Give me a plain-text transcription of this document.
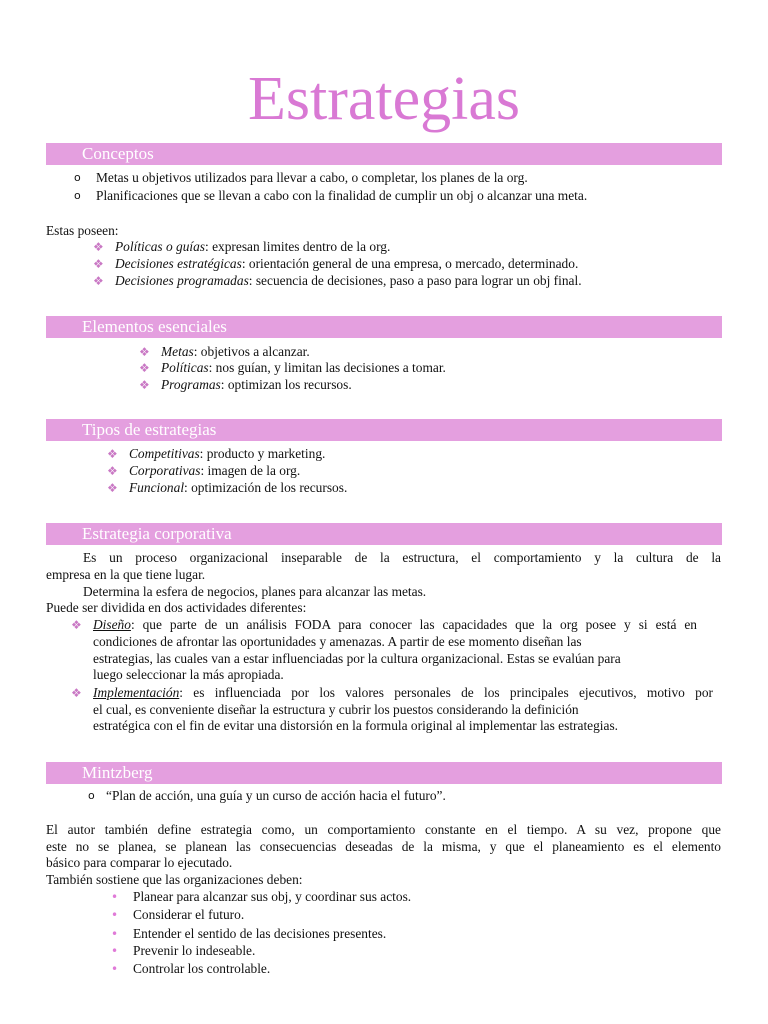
Estrategias
Conceptos
o Metas u objetivos utilizados para llevar a cabo, o completar, los planes de la org.
o Planificaciones que se llevan a cabo con la finalidad de cumplir un obj o alcanzar una meta.
Estas poseen:
❖ Políticas o guías: expresan limites dentro de la org.
❖ Decisiones estratégicas: orientación general de una empresa, o mercado, determinado.
❖ Decisiones programadas: secuencia de decisiones, paso a paso para lograr un obj final.
Elementos esenciales
❖ Metas: objetivos a alcanzar.
❖ Políticas: nos guían, y limitan las decisiones a tomar.
❖ Programas: optimizan los recursos.
Tipos de estrategias
❖ Competitivas: producto y marketing.
❖ Corporativas: imagen de la org.
❖ Funcional: optimización de los recursos.
Estrategia corporativa
Es un proceso organizacional inseparable de la estructura, el comportamiento y la cultura de la
empresa en la que tiene lugar.
Determina la esfera de negocios, planes para alcanzar las metas.
Puede ser dividida en dos actividades diferentes:
❖ Diseño: que parte de un análisis FODA para conocer las capacidades que la org posee y si está en
condiciones de afrontar las oportunidades y amenazas. A partir de ese momento diseñan las
estrategias, las cuales van a estar influenciadas por la cultura organizacional. Estas se evalúan para
luego seleccionar la más apropiada.
❖ Implementación: es influenciada por los valores personales de los principales ejecutivos, motivo por
el cual, es conveniente diseñar la estructura y cubrir los puestos considerando la definición
estratégica con el fin de evitar una distorsión en la formula original al implementar las estrategias.
Mintzberg
o “Plan de acción, una guía y un curso de acción hacia el futuro”.
El autor también define estrategia como, un comportamiento constante en el tiempo. A su vez, propone que
este no se planea, se planean las consecuencias deseadas de la misma, y que el planeamiento es el elemento
básico para comparar lo ejecutado.
También sostiene que las organizaciones deben:
• Planear para alcanzar sus obj, y coordinar sus actos.
• Considerar el futuro.
• Entender el sentido de las decisiones presentes.
• Prevenir lo indeseable.
• Controlar los controlable.
